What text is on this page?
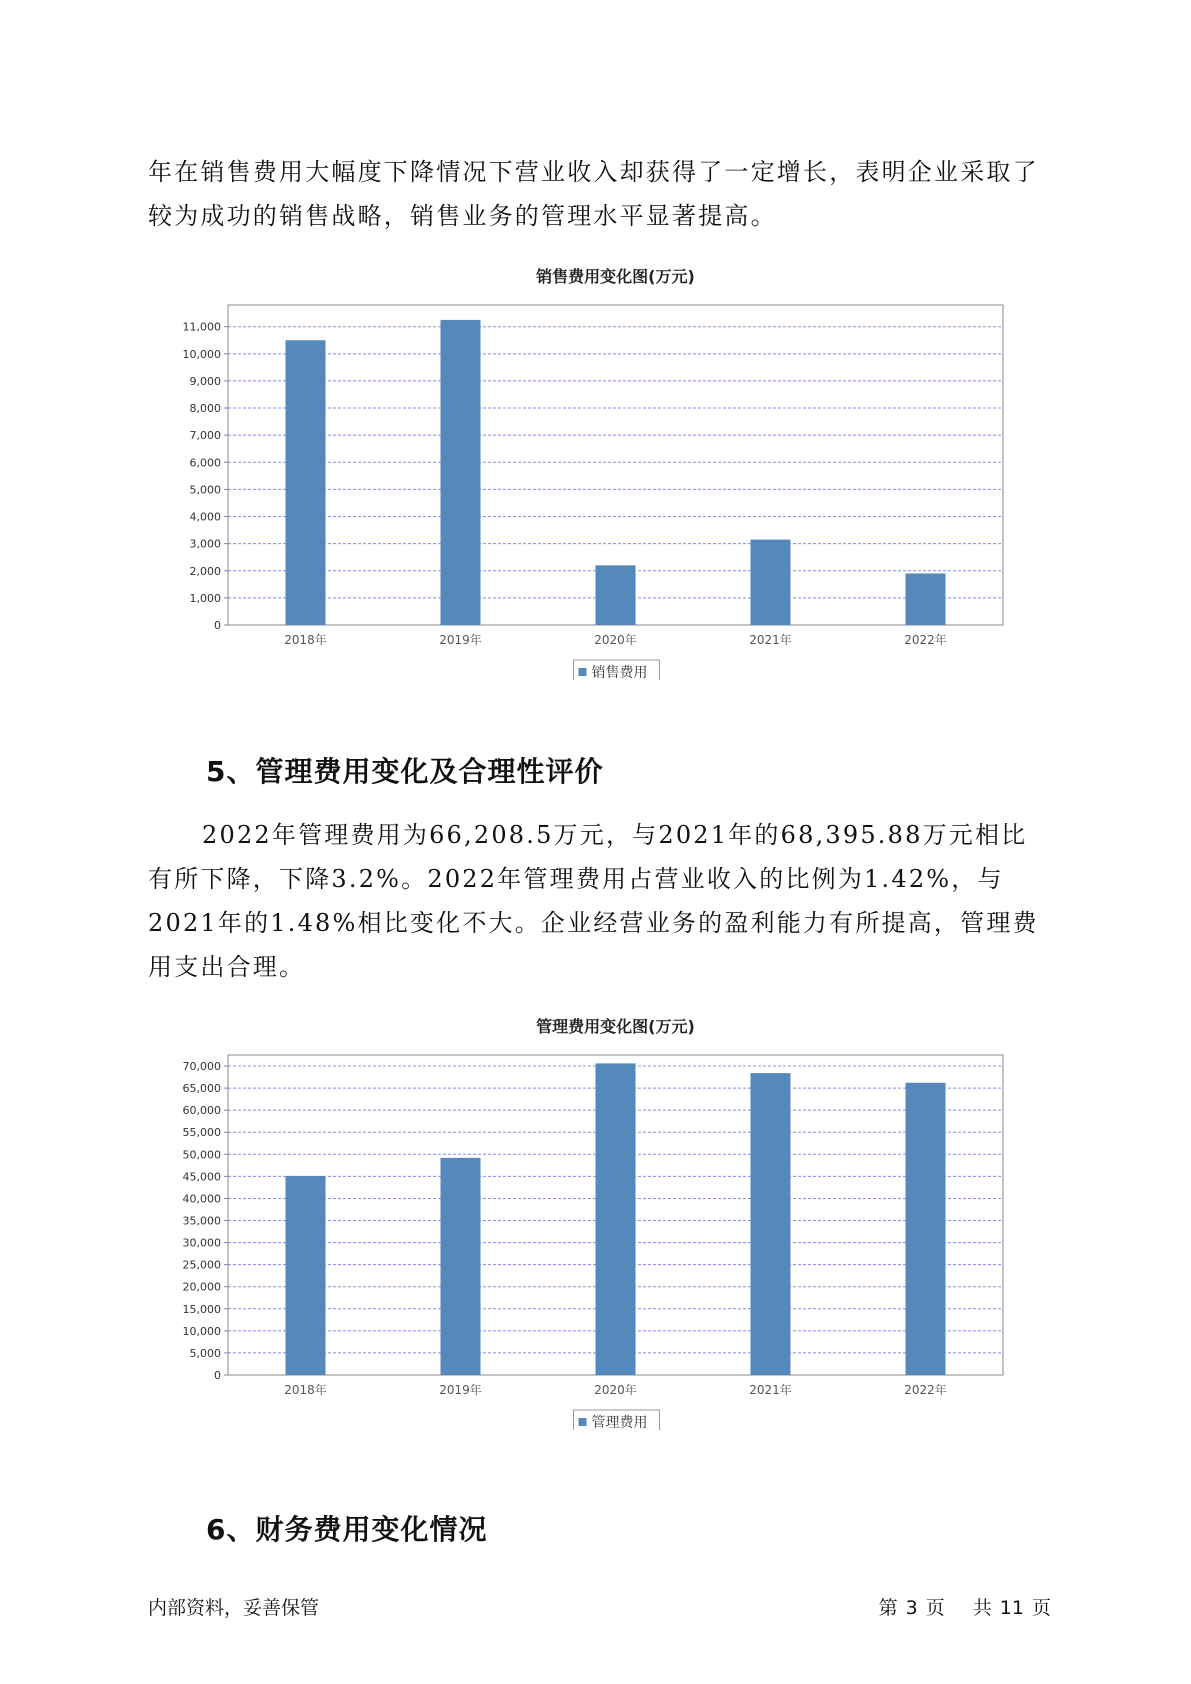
年在销售费用大幅度下降情况下营业收入却获得了一定增长，表明企业采取了较为成功的销售战略，销售业务的管理水平显著提高。

销售费用变化图(万元)
0
1,000
2,000
3,000
4,000
5,000
6,000
7,000
8,000
9,000
10,000
11,000
2018年	2019年	2020年	2021年	2022年
销售费用
5、管理费用变化及合理性评价

2022年管理费用为66,208.5万元，与2021年的68,395.88万元相比有所下降，下降3.2%。2022年管理费用占营业收入的比例为1.42%，与2021年的1.48%相比变化不大。企业经营业务的盈利能力有所提高，管理费用支出合理。

管理费用变化图(万元)
0
5,000
10,000
15,000
20,000
25,000
30,000
35,000
40,000
45,000
50,000
55,000
60,000
65,000
70,000
2018年	2019年	2020年	2021年	2022年
管理费用
6、财务费用变化情况
内部资料，妥善保管	第 3 页 共 11 页
